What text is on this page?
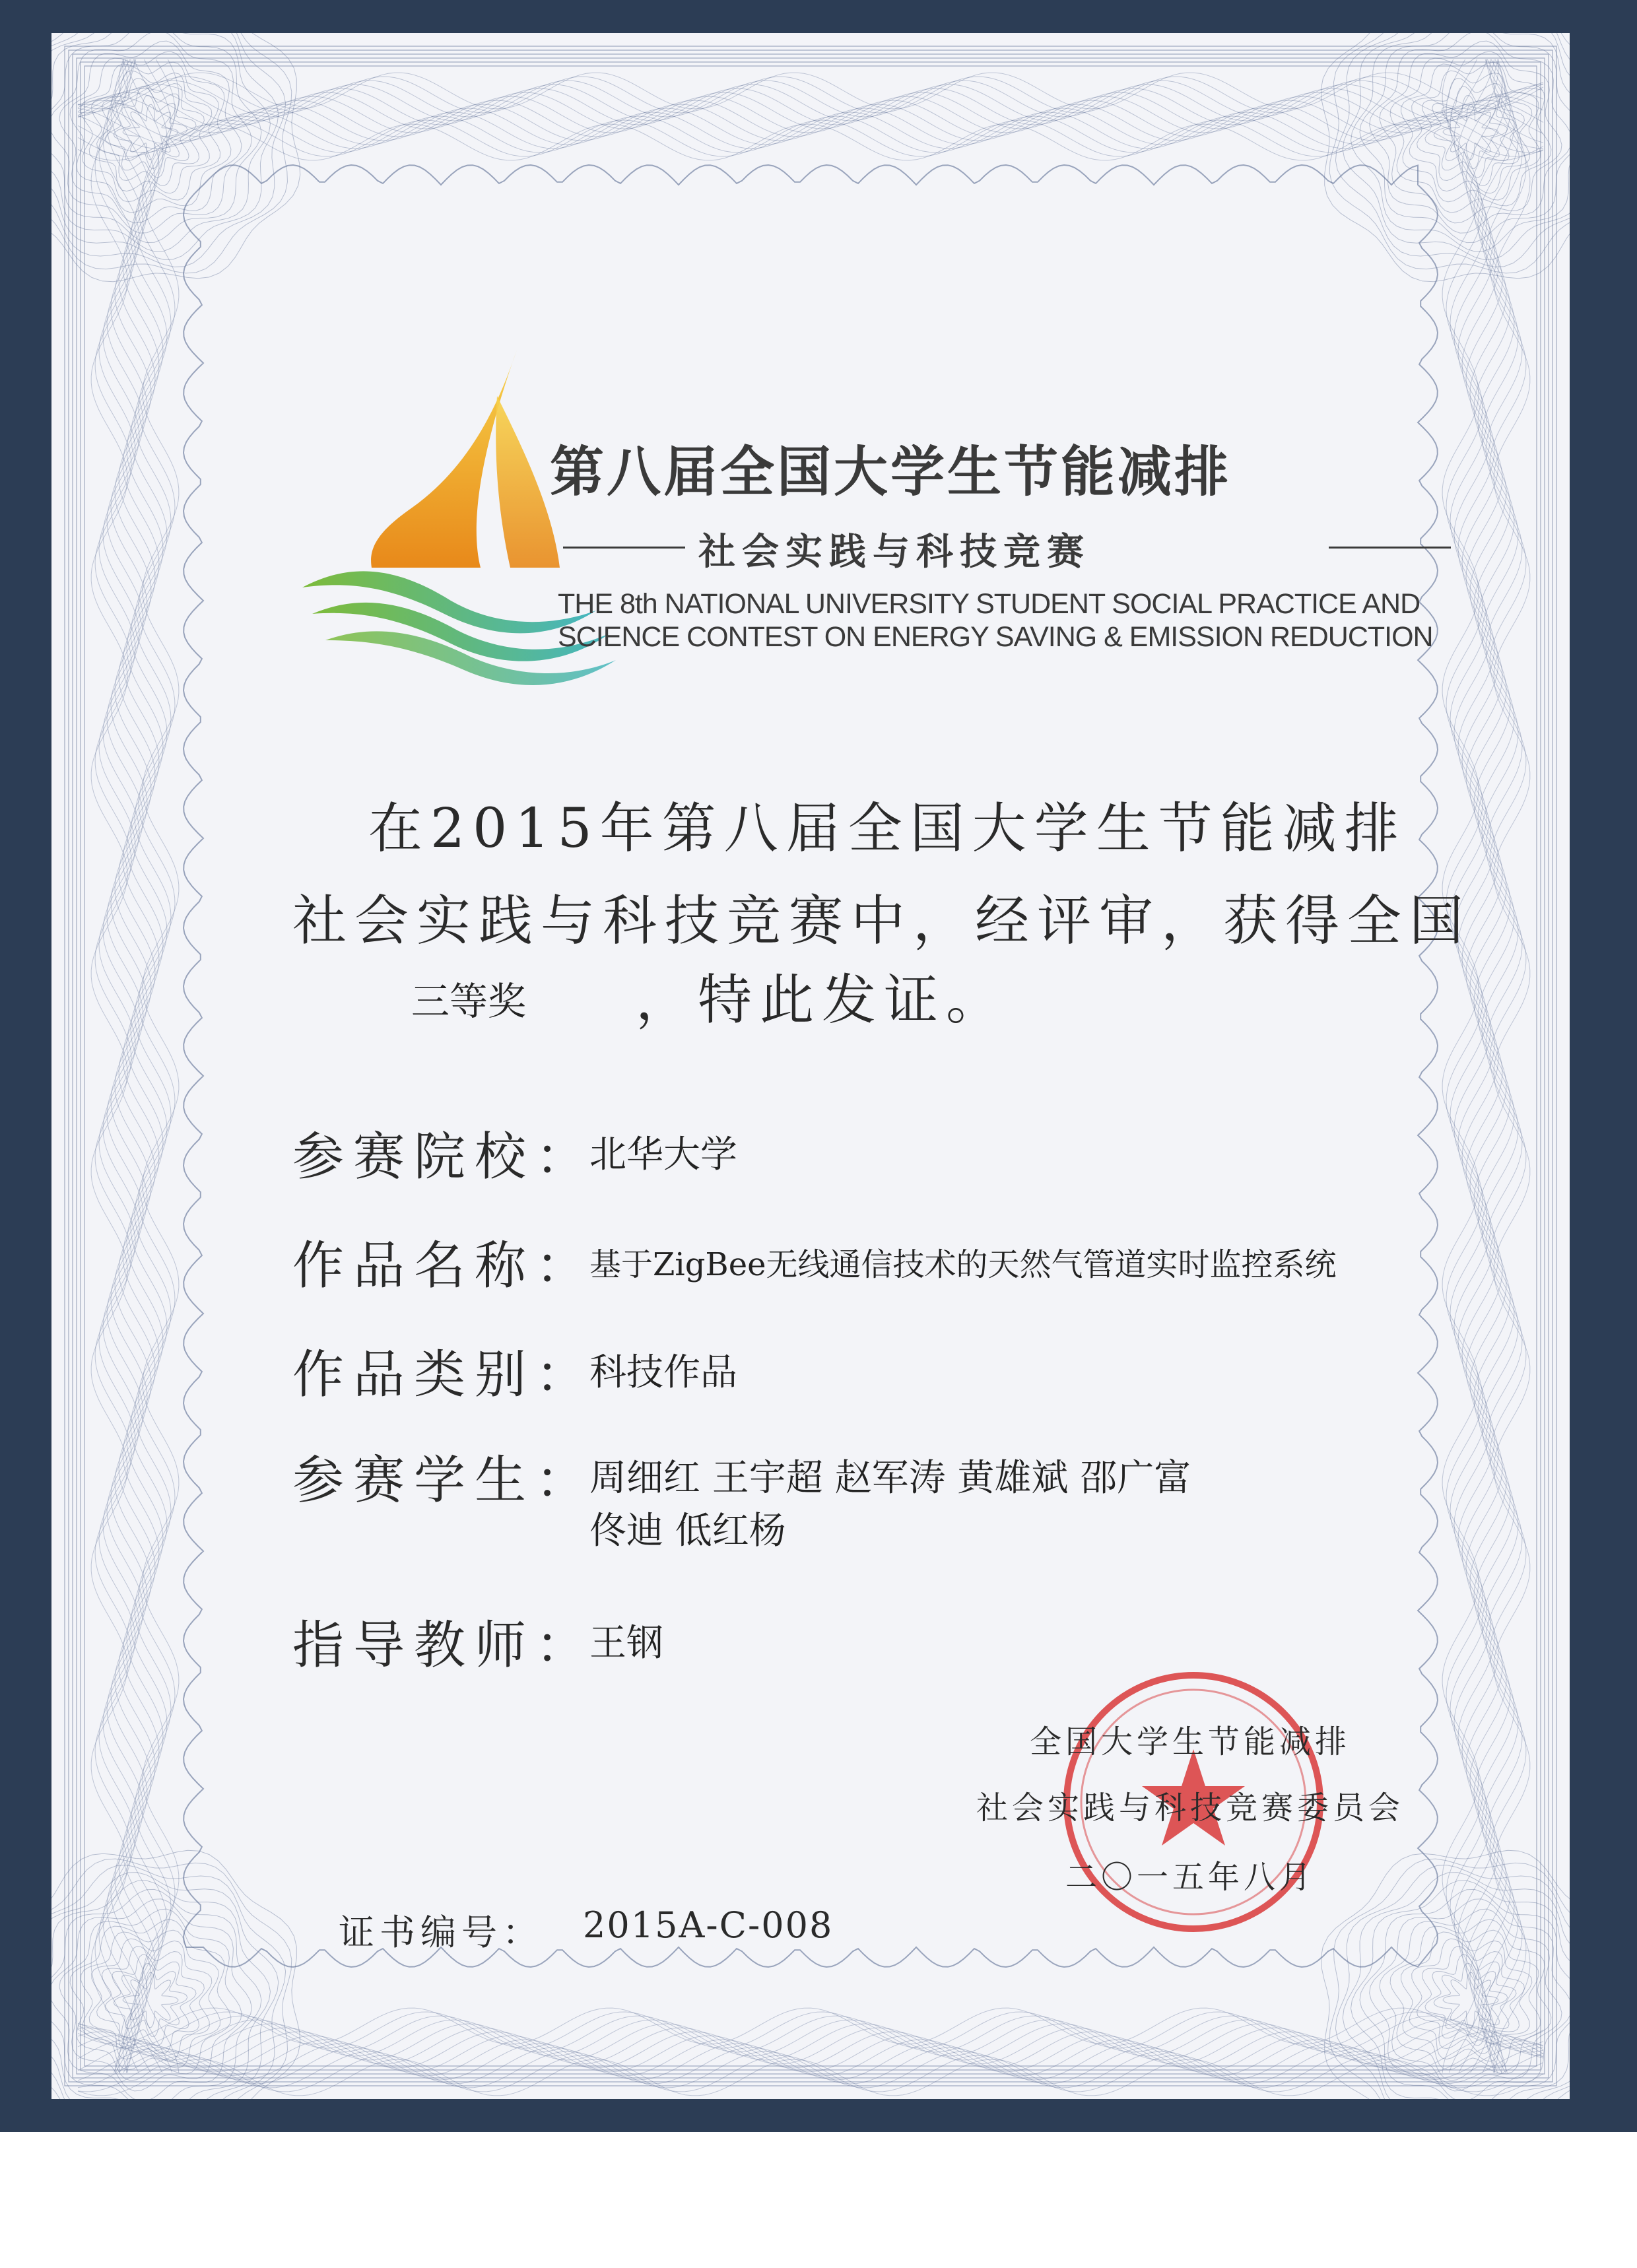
第八届全国大学生节能减排
社会实践与科技竞赛
THE 8th NATIONAL UNIVERSITY STUDENT SOCIAL PRACTICE AND
SCIENCE CONTEST ON ENERGY SAVING & EMISSION REDUCTION
在2015年第八届全国大学生节能减排
社会实践与科技竞赛中，经评审，获得全国
三等奖 ，特此发证。
参赛院校：
北华大学
作品名称：
基于ZigBee无线通信技术的天然气管道实时监控系统
作品类别：
科技作品
参赛学生：
周细红 王宇超 赵军涛 黄雄斌 邵广富
佟迪 低红杨
指导教师：
王钢
全国大学生节能减排
社会实践与科技竞赛委员会
二〇一五年八月
证书编号： 2015A-C-008
